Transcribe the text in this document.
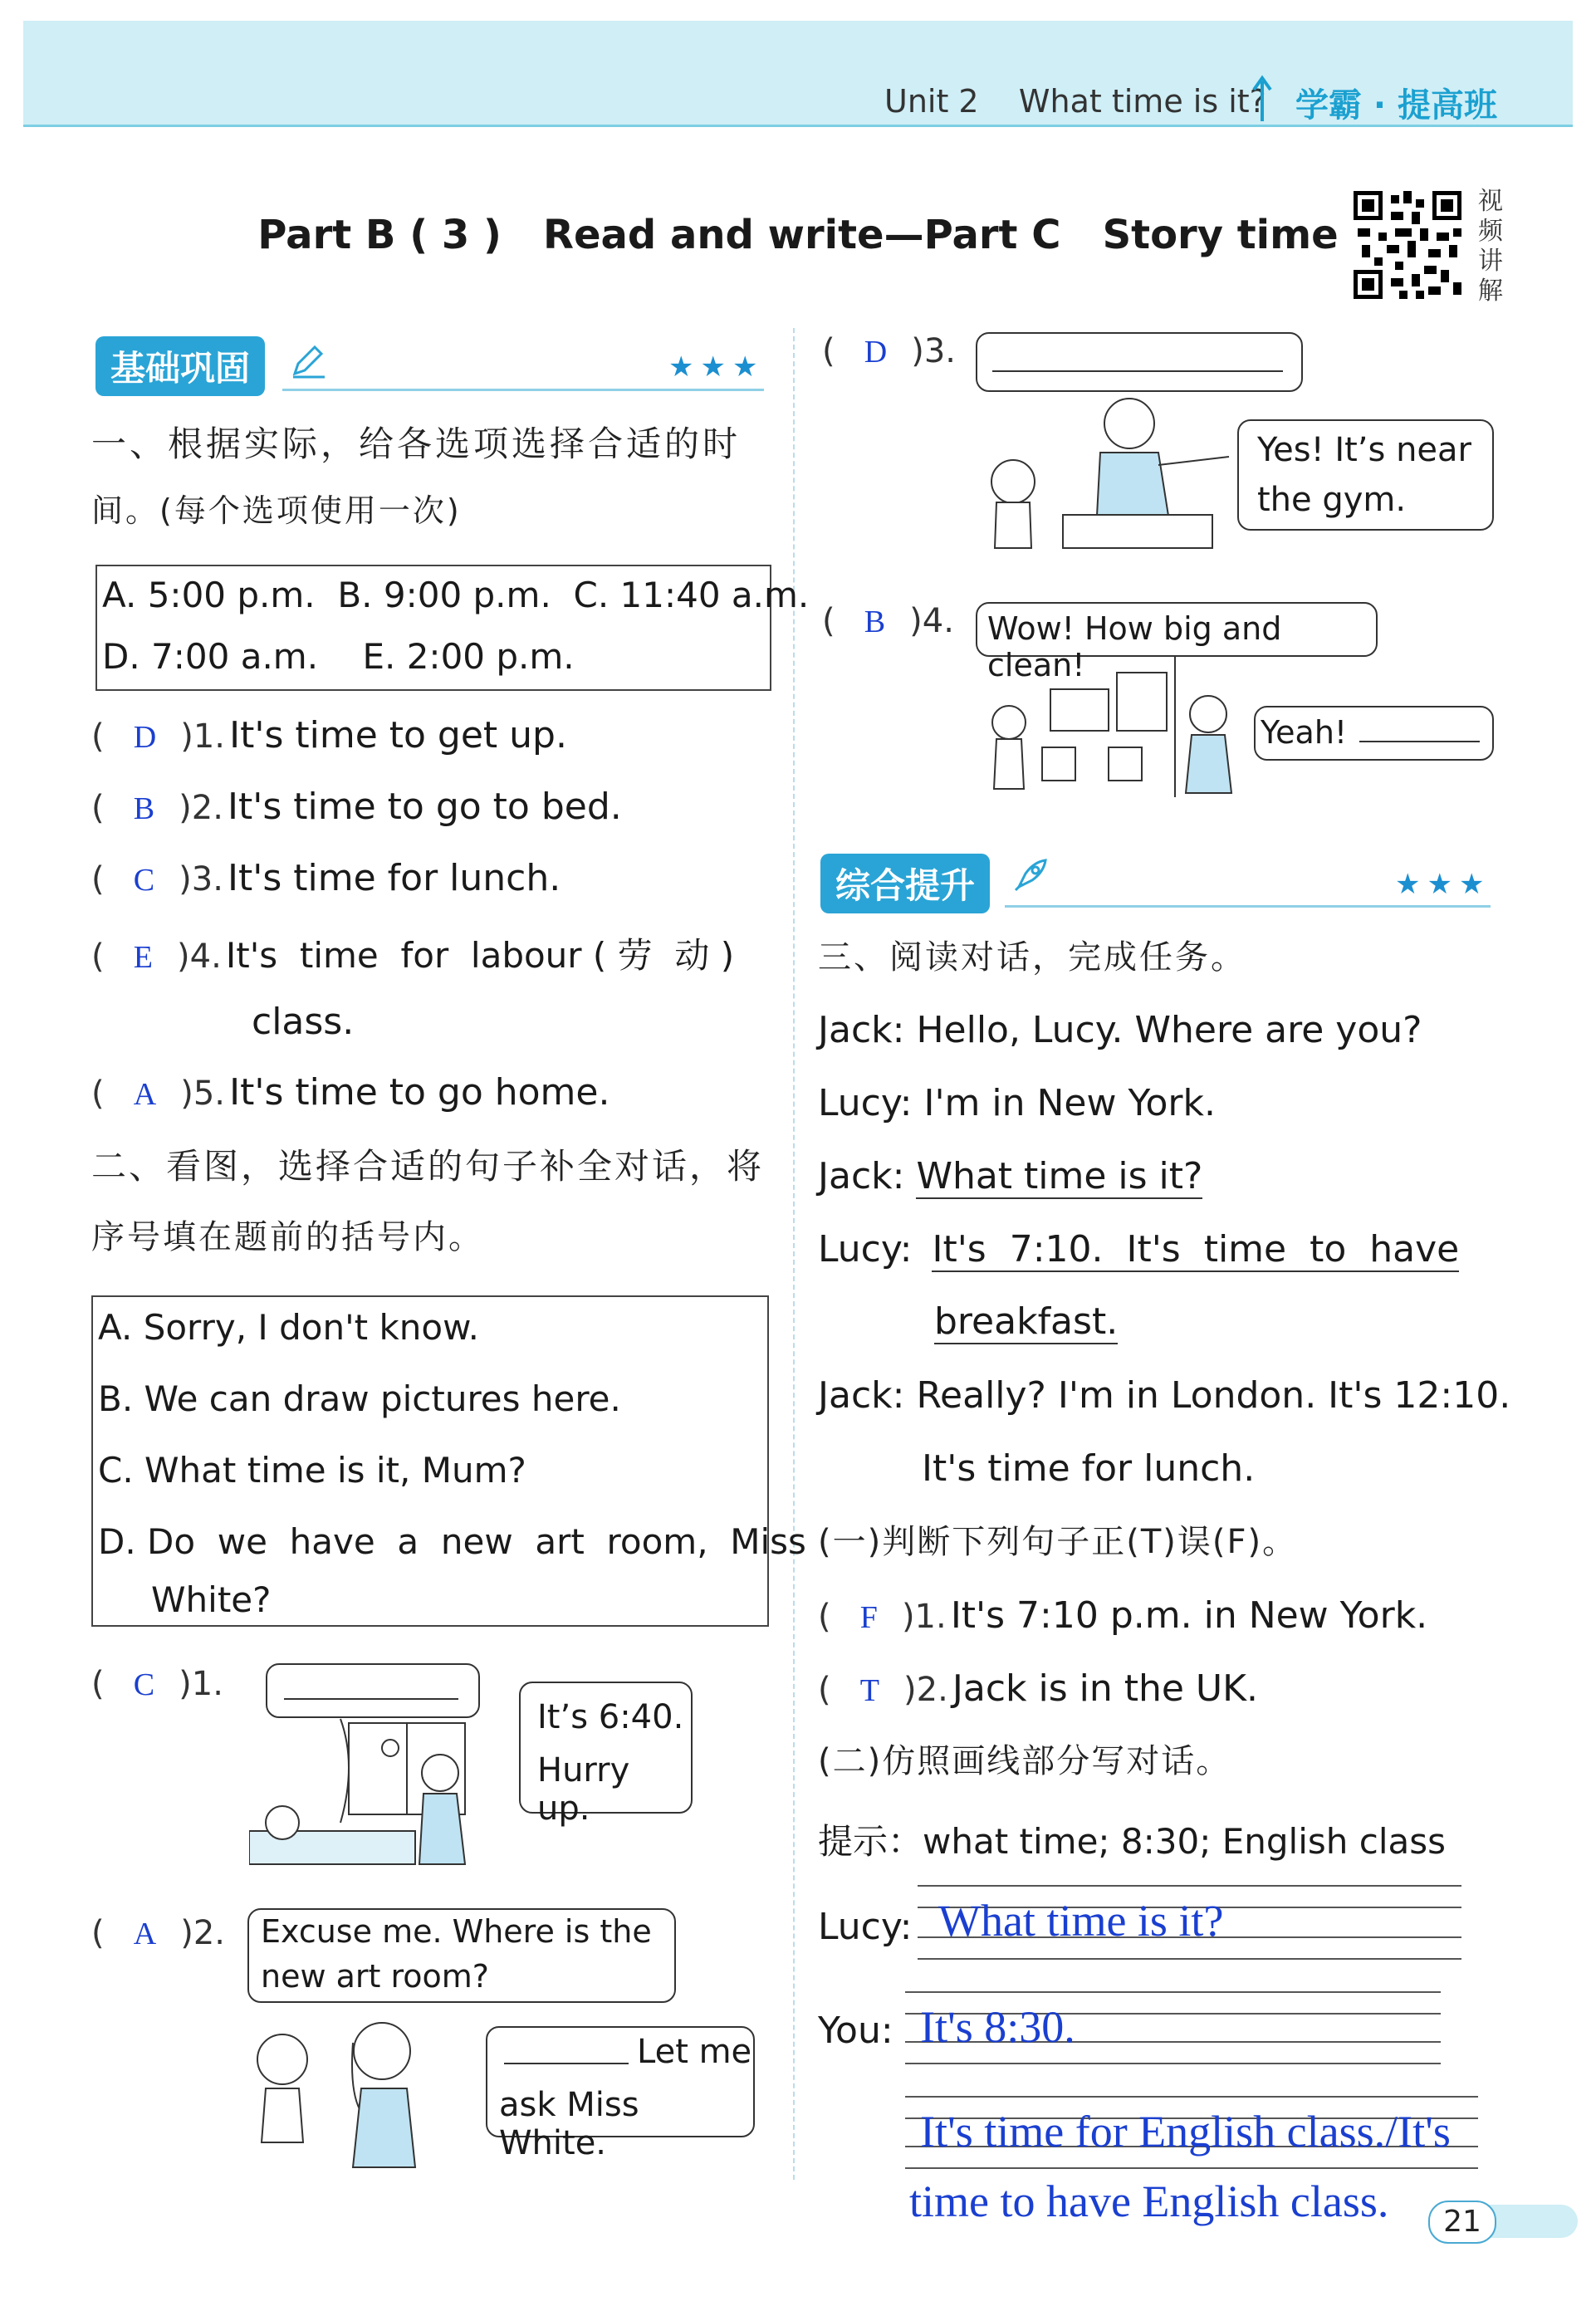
Unit 2    What time is it? 学霸 · 提高班
Part B ( 3 )   Read and write—Part C   Story time
视
频
讲
解
基础巩固	★★★
一、根据实际，给各选项选择合适的时
间。(每个选项使用一次)
A. 5:00 p.m.  B. 9:00 p.m.  C. 11:40 a.m.
D. 7:00 a.m.    E. 2:00 p.m.
( D )1. It's time to get up.
( B )2. It's time to go to bed.
( C )3. It's time for lunch.
( E )4. It's  time  for  labour ( 劳  动 )
class.
( A )5. It's time to go home.
二、看图，选择合适的句子补全对话，将
序号填在题前的括号内。
A. Sorry, I don't know.
B. We can draw pictures here.
C. What time is it, Mum?
D. Do  we  have  a  new  art  room,  Miss
White?
( C )1.
It’s 6:40.
Hurry up.
( A )2. Excuse me. Where is the
new art room?
Let me
ask Miss White.
( D )3.
Yes! It’s near
the gym.
( B )4. Wow! How big and clean!
Yeah!
综合提升	★★★
三、阅读对话，完成任务。
Jack: Hello, Lucy. Where are you?
Lucy: I'm in New York.
Jack: What time is it?
Lucy: It's  7:10.  It's  time  to  have
breakfast.
Jack: Really? I'm in London. It's 12:10.
It's time for lunch.
(一)判断下列句子正(T)误(F)。
( F )1. It's 7:10 p.m. in New York.
( T )2. Jack is in the UK.
(二)仿照画线部分写对话。
提示：what time; 8:30; English class
Lucy: What time is it?
You: It's 8:30.
It's time for English class./It's
time to have English class.	21
